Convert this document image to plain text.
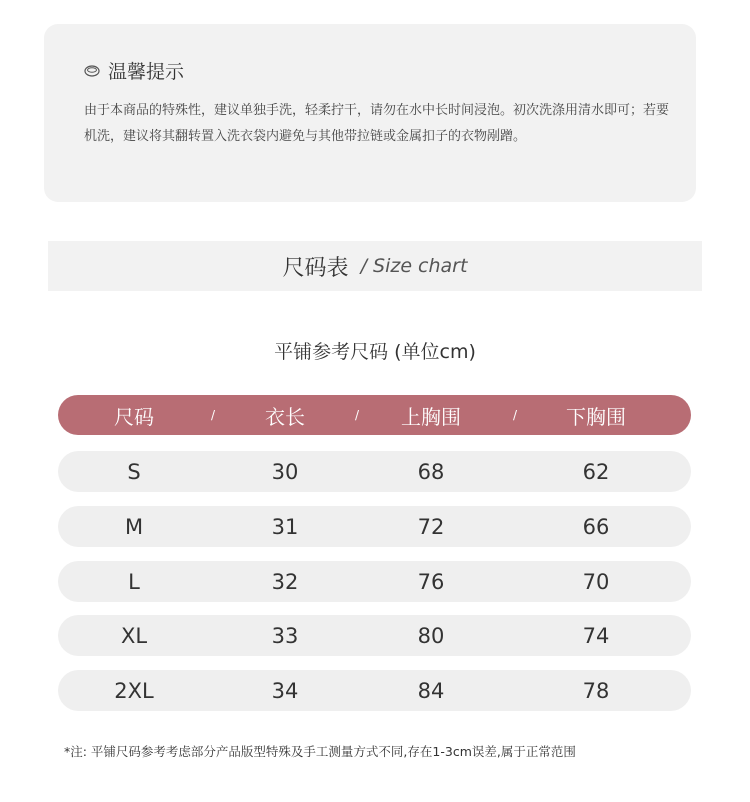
温馨提示
由于本商品的特殊性，建议单独手洗，轻柔拧干，请勿在水中长时间浸泡。初次洗涤用清水即可；若要机洗，建议将其翻转置入洗衣袋内避免与其他带拉链或金属扣子的衣物剐蹭。
尺码表 / Size chart
平铺参考尺码 (单位cm)
尺码	/	衣长	/	上胸围	/	下胸围
S	30	68	62
M	31	72	66
L	32	76	70
XL	33	80	74
2XL	34	84	78
*注: 平铺尺码参考考虑部分产品版型特殊及手工测量方式不同,存在1-3cm误差,属于正常范围
